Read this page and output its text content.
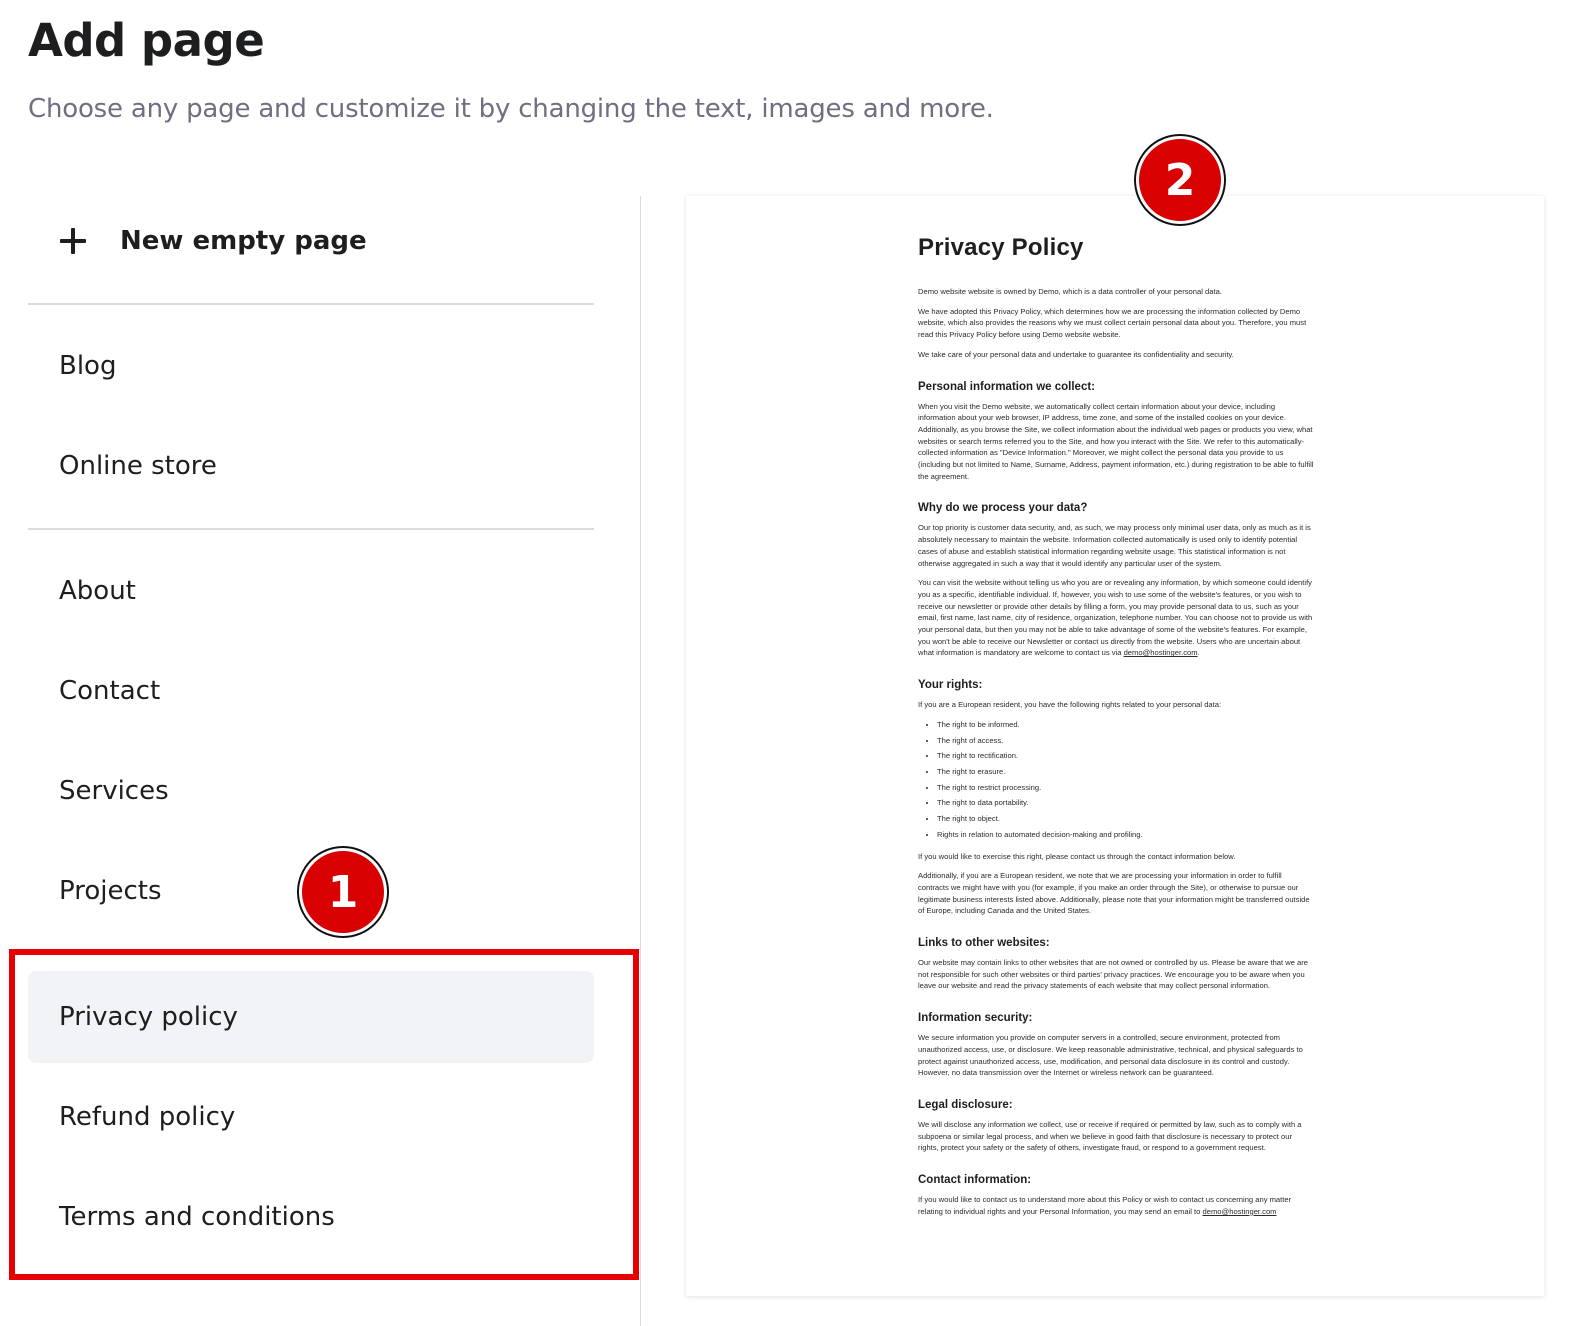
Add page

Choose any page and customize it by changing the text, images and more.

New empty page
Blog
Online store
About
Contact
Services
Projects
Privacy policy
Refund policy
Terms and conditions
1
Privacy Policy

Demo website website is owned by Demo, which is a data controller of your personal data.

We have adopted this Privacy Policy, which determines how we are processing the information collected by Demo website, which also provides the reasons why we must collect certain personal data about you. Therefore, you must read this Privacy Policy before using Demo website website.

We take care of your personal data and undertake to guarantee its confidentiality and security.

Personal information we collect:

When you visit the Demo website, we automatically collect certain information about your device, including information about your web browser, IP address, time zone, and some of the installed cookies on your device. Additionally, as you browse the Site, we collect information about the individual web pages or products you view, what websites or search terms referred you to the Site, and how you interact with the Site. We refer to this automatically-collected information as "Device Information." Moreover, we might collect the personal data you provide to us (including but not limited to Name, Surname, Address, payment information, etc.) during registration to be able to fulfill the agreement.

Why do we process your data?

Our top priority is customer data security, and, as such, we may process only minimal user data, only as much as it is absolutely necessary to maintain the website. Information collected automatically is used only to identify potential cases of abuse and establish statistical information regarding website usage. This statistical information is not otherwise aggregated in such a way that it would identify any particular user of the system.

You can visit the website without telling us who you are or revealing any information, by which someone could identify you as a specific, identifiable individual. If, however, you wish to use some of the website's features, or you wish to receive our newsletter or provide other details by filling a form, you may provide personal data to us, such as your email, first name, last name, city of residence, organization, telephone number. You can choose not to provide us with your personal data, but then you may not be able to take advantage of some of the website's features. For example, you won't be able to receive our Newsletter or contact us directly from the website. Users who are uncertain about what information is mandatory are welcome to contact us via demo@hostinger.com.

Your rights:

If you are a European resident, you have the following rights related to your personal data:

• The right to be informed.
• The right of access.
• The right to rectification.
• The right to erasure.
• The right to restrict processing.
• The right to data portability.
• The right to object.
• Rights in relation to automated decision-making and profiling.

If you would like to exercise this right, please contact us through the contact information below.

Additionally, if you are a European resident, we note that we are processing your information in order to fulfill contracts we might have with you (for example, if you make an order through the Site), or otherwise to pursue our legitimate business interests listed above. Additionally, please note that your information might be transferred outside of Europe, including Canada and the United States.

Links to other websites:

Our website may contain links to other websites that are not owned or controlled by us. Please be aware that we are not responsible for such other websites or third parties' privacy practices. We encourage you to be aware when you leave our website and read the privacy statements of each website that may collect personal information.

Information security:

We secure information you provide on computer servers in a controlled, secure environment, protected from unauthorized access, use, or disclosure. We keep reasonable administrative, technical, and physical safeguards to protect against unauthorized access, use, modification, and personal data disclosure in its control and custody. However, no data transmission over the Internet or wireless network can be guaranteed.

Legal disclosure:

We will disclose any information we collect, use or receive if required or permitted by law, such as to comply with a subpoena or similar legal process, and when we believe in good faith that disclosure is necessary to protect our rights, protect your safety or the safety of others, investigate fraud, or respond to a government request.

Contact information:

If you would like to contact us to understand more about this Policy or wish to contact us concerning any matter relating to individual rights and your Personal Information, you may send an email to demo@hostinger.com

2
